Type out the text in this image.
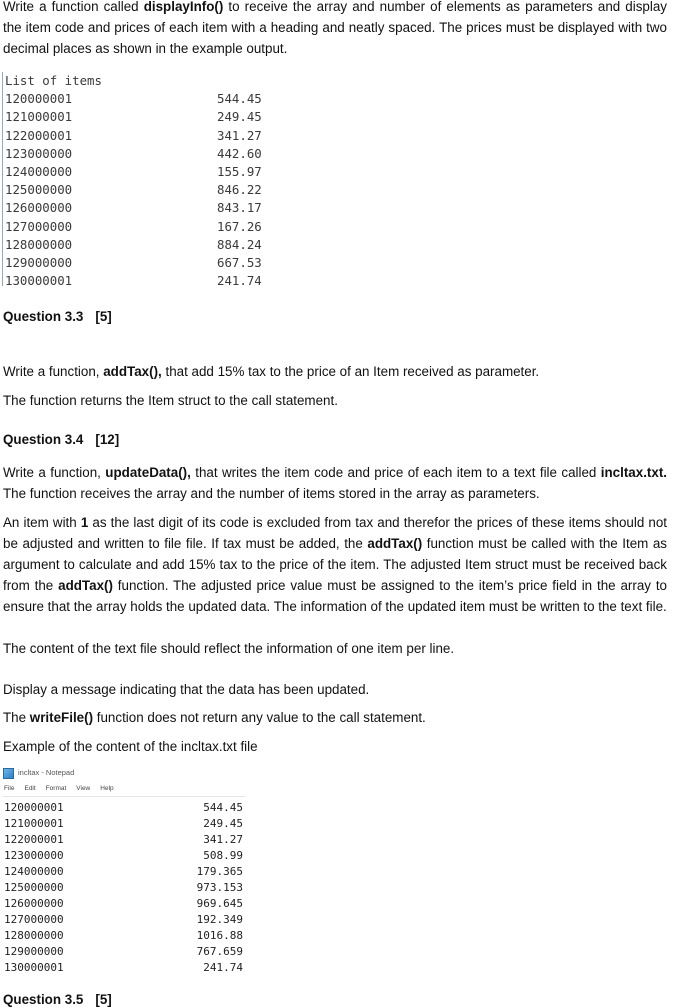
Write a function called displayInfo() to receive the array and number of elements as parameters and display the item code and prices of each item with a heading and neatly spaced. The prices must be displayed with two decimal places as shown in the example output.
List of items
120000001	544.45
121000001	249.45
122000001	341.27
123000000	442.60
124000000	155.97
125000000	846.22
126000000	843.17
127000000	167.26
128000000	884.24
129000000	667.53
130000001	241.74
Question 3.3 [5]
Write a function, addTax(), that add 15% tax to the price of an Item received as parameter.
The function returns the Item struct to the call statement.
Question 3.4 [12]
Write a function, updateData(), that writes the item code and price of each item to a text file called incltax.txt. The function receives the array and the number of items stored in the array as parameters.
An item with 1 as the last digit of its code is excluded from tax and therefor the prices of these items should not be adjusted and written to file file. If tax must be added, the addTax() function must be called with the Item as argument to calculate and add 15% tax to the price of the item. The adjusted Item struct must be received back from the addTax() function. The adjusted price value must be assigned to the item’s price field in the array to ensure that the array holds the updated data. The information of the updated item must be written to the text file.
The content of the text file should reflect the information of one item per line.
Display a message indicating that the data has been updated.
The writeFile() function does not return any value to the call statement.
Example of the content of the incltax.txt file
incltax - Notepad
File Edit Format View Help
120000001	544.45
121000001	249.45
122000001	341.27
123000000	508.99
124000000	179.365
125000000	973.153
126000000	969.645
127000000	192.349
128000000	1016.88
129000000	767.659
130000001	241.74
Question 3.5 [5]
